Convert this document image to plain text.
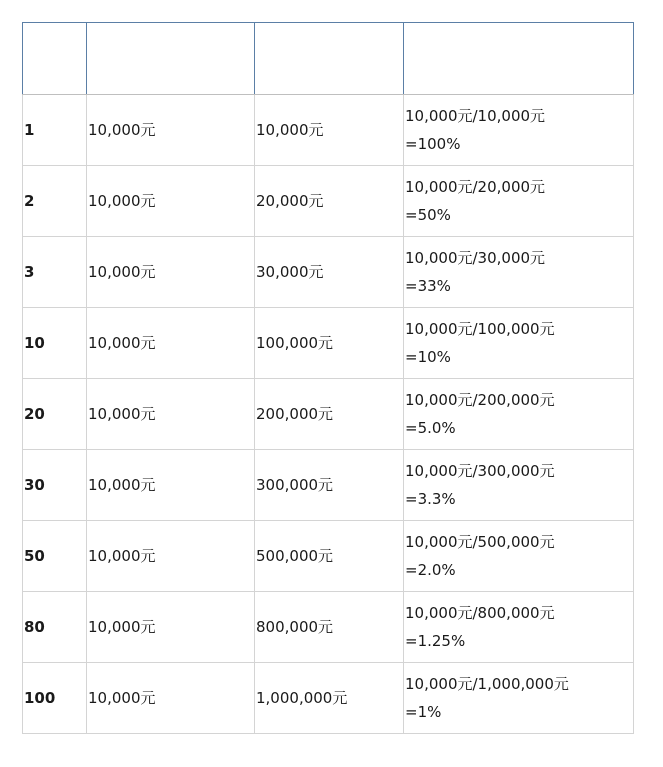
1	10,000元	10,000元	10,000元/10,000元
=100%

2	10,000元	20,000元	10,000元/20,000元
=50%

3	10,000元	30,000元	10,000元/30,000元
=33%

10	10,000元	100,000元	10,000元/100,000元
=10%

20	10,000元	200,000元	10,000元/200,000元
=5.0%

30	10,000元	300,000元	10,000元/300,000元
=3.3%

50	10,000元	500,000元	10,000元/500,000元
=2.0%

80	10,000元	800,000元	10,000元/800,000元
=1.25%

100	10,000元	1,000,000元	10,000元/1,000,000元
=1%
